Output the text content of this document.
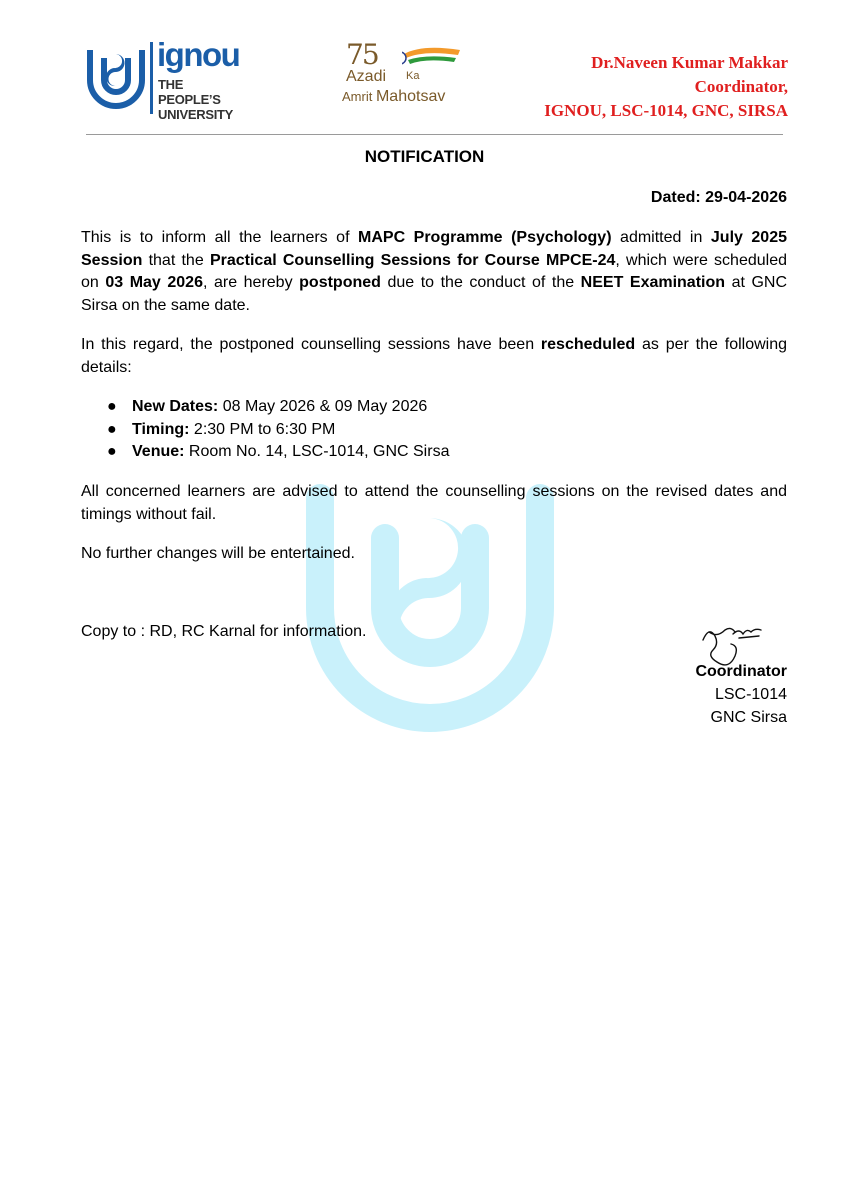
ignou
THE PEOPLE’S
UNIVERSITY
75
Azadi Ka
Amrit Mahotsav
Dr.Naveen Kumar Makkar
Coordinator,
IGNOU, LSC-1014, GNC, SIRSA
NOTIFICATION
Dated: 29-04-2026

This is to inform all the learners of MAPC Programme (Psychology) admitted in July 2025 Session that the Practical Counselling Sessions for Course MPCE-24, which were scheduled on 03 May 2026, are hereby postponed due to the conduct of the NEET Examination at GNC Sirsa on the same date.

In this regard, the postponed counselling sessions have been rescheduled as per the following details:

● New Dates: 08 May 2026 & 09 May 2026
● Timing: 2:30 PM to 6:30 PM
● Venue: Room No. 14, LSC-1014, GNC Sirsa

All concerned learners are advised to attend the counselling sessions on the revised dates and timings without fail.

No further changes will be entertained.

Copy to : RD, RC Karnal for information.
Coordinator
LSC-1014
GNC Sirsa
